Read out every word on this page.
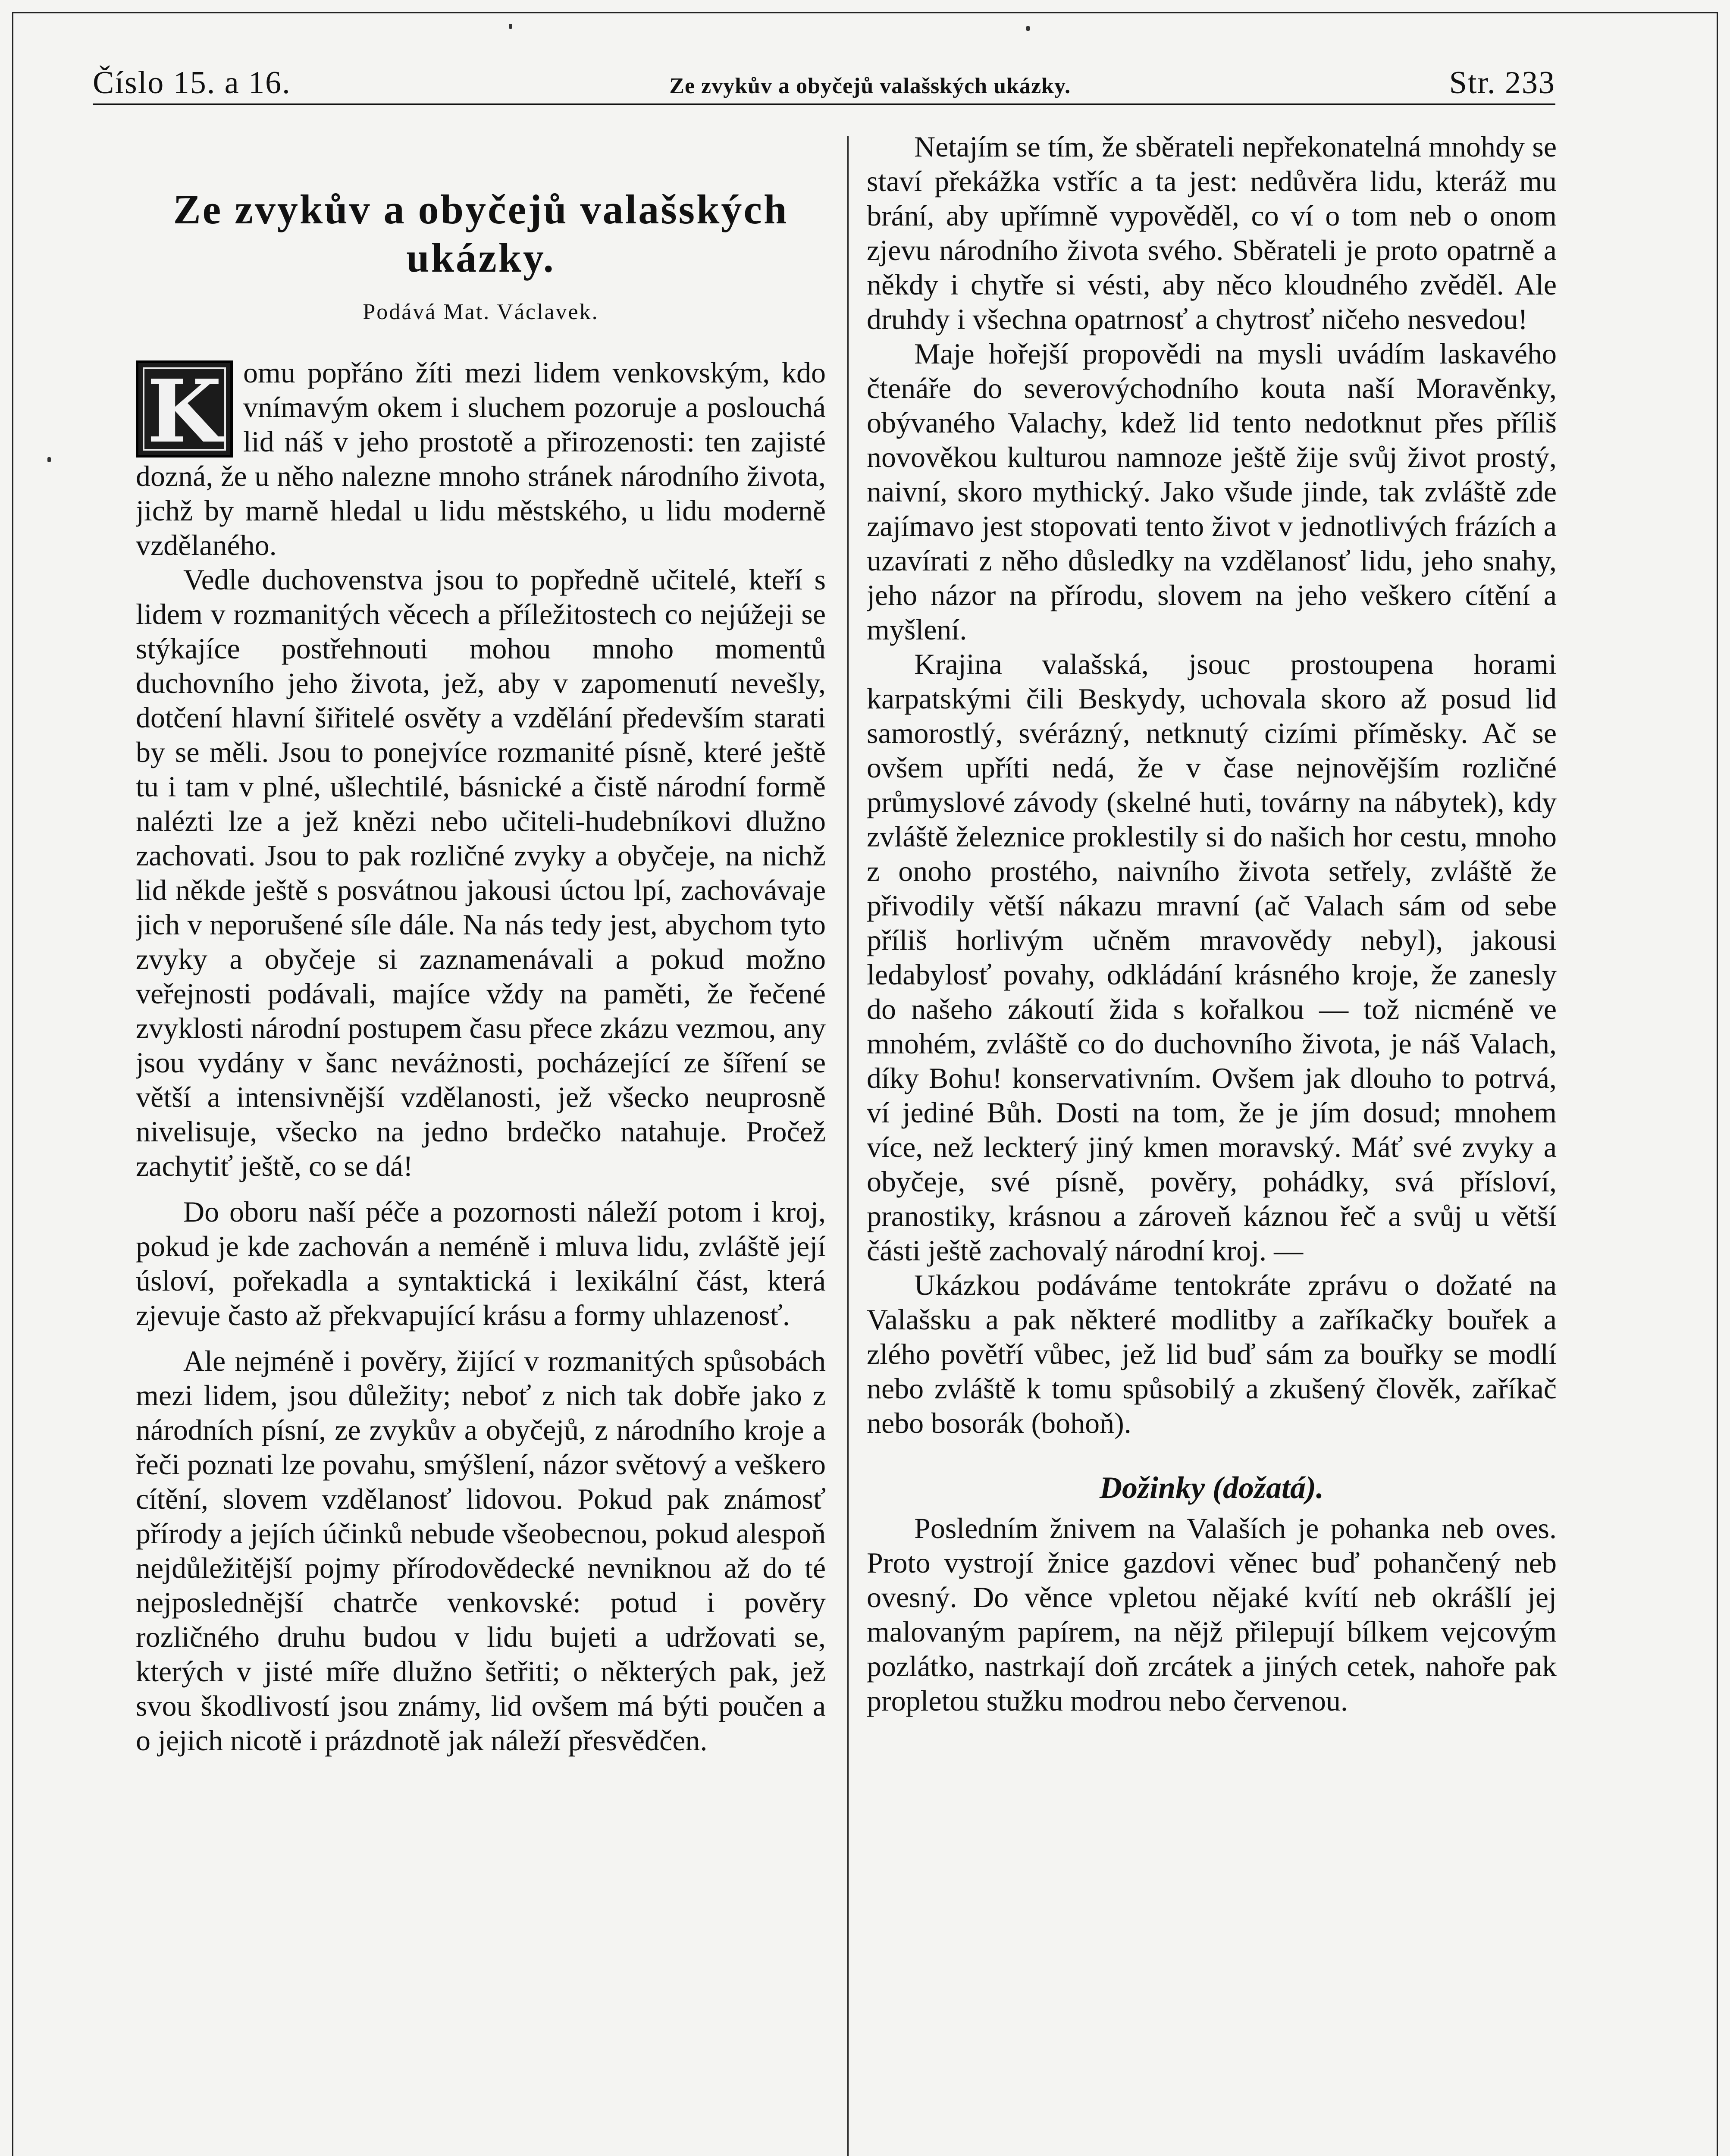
Číslo 15. a 16.	Ze zvykův a obyčejů valašských ukázky.	Str. 233
Ze zvykův a obyčejů valašských ukázky.
Podává Mat. Václavek.
K omu popřáno žíti mezi lidem venkovským, kdo vnímavým okem i sluchem pozoruje a poslouchá lid náš v jeho prostotě a přirozenosti: ten zajisté dozná, že u něho nalezne mnoho stránek národního života, jichž by marně hledal u lidu městského, u lidu moderně vzdělaného.

Vedle duchovenstva jsou to popředně učitelé, kteří s lidem v rozmanitých věcech a příležitostech co nejúžeji se stýkajíce postřehnouti mohou mnoho momentů duchovního jeho života, jež, aby v zapomenutí nevešly, dotčení hlavní šiřitelé osvěty a vzdělání především starati by se měli. Jsou to ponejvíce rozmanité písně, které ještě tu i tam v plné, ušlechtilé, básnické a čistě národní formě nalézti lze a jež knězi nebo učiteli-hudebníkovi dlužno zachovati. Jsou to pak rozličné zvyky a obyčeje, na nichž lid někde ještě s posvátnou jakousi úctou lpí, zachovávaje jich v neporušené síle dále. Na nás tedy jest, abychom tyto zvyky a obyčeje si zaznamenávali a pokud možno veřejnosti podávali, majíce vždy na paměti, že řečené zvyklosti národní postupem času přece zkázu vezmou, any jsou vydány v šanc neváżnosti, pocházející ze šíření se větší a intensivnější vzdělanosti, jež všecko neuprosně nivelisuje, všecko na jedno brdečko natahuje. Pročež zachytiť ještě, co se dá!

Do oboru naší péče a pozornosti náleží potom i kroj, pokud je kde zachován a neméně i mluva lidu, zvláště její úsloví, pořekadla a syntaktická i lexikální část, která zjevuje často až překvapující krásu a formy uhlazenosť.

Ale nejméně i pověry, žijící v rozmanitých spůsobách mezi lidem, jsou důležity; neboť z nich tak dobře jako z národních písní, ze zvykův a obyčejů, z národního kroje a řeči poznati lze povahu, smýšlení, názor světový a veškero cítění, slovem vzdělanosť lidovou. Pokud pak známosť přírody a jejích účinků nebude všeobecnou, pokud alespoň nejdůležitější pojmy přírodovědecké nevniknou až do té nejposlednější chatrče venkovské: potud i pověry rozličného druhu budou v lidu bujeti a udržovati se, kterých v jisté míře dlužno šetřiti; o některých pak, jež svou škodlivostí jsou známy, lid ovšem má býti poučen a o jejich nicotě i prázdnotě jak náleží přesvědčen.

Netajím se tím, že sběrateli nepřekonatelná mnohdy se staví překážka vstříc a ta jest: nedůvěra lidu, kteráž mu brání, aby upřímně vypověděl, co ví o tom neb o onom zjevu národního života svého. Sběrateli je proto opatrně a někdy i chytře si vésti, aby něco kloudného zvěděl. Ale druhdy i všechna opatrnosť a chytrosť ničeho nesvedou!

Maje hořejší propovědi na mysli uvádím laskavého čtenáře do severovýchodního kouta naší Moravěnky, obývaného Valachy, kdež lid tento nedotknut přes příliš novověkou kulturou namnoze ještě žije svůj život prostý, naivní, skoro mythický. Jako všude jinde, tak zvláště zde zajímavo jest stopovati tento život v jednotlivých frázích a uzavírati z něho důsledky na vzdělanosť lidu, jeho snahy, jeho názor na přírodu, slovem na jeho veškero cítění a myšlení.

Krajina valašská, jsouc prostoupena horami karpatskými čili Beskydy, uchovala skoro až posud lid samorostlý, svérázný, netknutý cizími příměsky. Ač se ovšem upříti nedá, že v čase nejnovějším rozličné průmyslové závody (skelné huti, továrny na nábytek), kdy zvláště železnice proklestily si do našich hor cestu, mnoho z onoho prostého, naivního života setřely, zvláště že přivodily větší nákazu mravní (ač Valach sám od sebe příliš horlivým učněm mravovědy nebyl), jakousi ledabylosť povahy, odkládání krásného kroje, že zanesly do našeho zákoutí žida s kořalkou — tož nicméně ve mnohém, zvláště co do duchovního života, je náš Valach, díky Bohu! konservativním. Ovšem jak dlouho to potrvá, ví jediné Bůh. Dosti na tom, že je jím dosud; mnohem více, než leckterý jiný kmen moravský. Máť své zvyky a obyčeje, své písně, pověry, pohádky, svá přísloví, pranostiky, krásnou a zároveň káznou řeč a svůj u větší části ještě zachovalý národní kroj. —

Ukázkou podáváme tentokráte zprávu o dožaté na Valašsku a pak některé modlitby a zaříkačky bouřek a zlého povětří vůbec, jež lid buď sám za bouřky se modlí nebo zvláště k tomu spůsobilý a zkušený člověk, zaříkač nebo bosorák (bohoň).

Dožinky (dožatá).

Posledním žnivem na Valaších je pohanka neb oves. Proto vystrojí žnice gazdovi věnec buď pohančený neb ovesný. Do věnce vpletou nějaké kvítí neb okrášlí jej malovaným papírem, na nějž přilepují bílkem vejcovým pozlátko, nastrkají doň zrcátek a jiných cetek, nahoře pak propletou stužku modrou nebo červenou.
